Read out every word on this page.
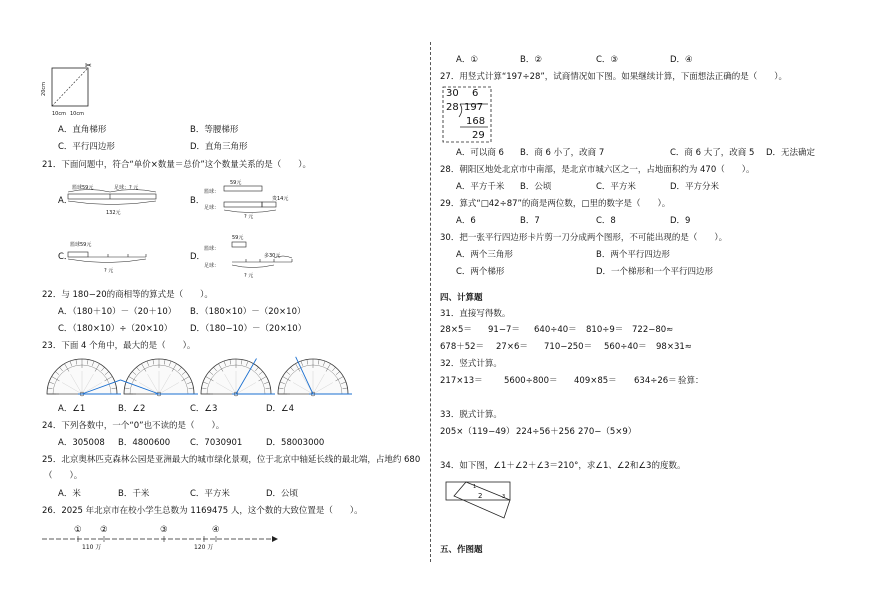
✂
20cm
10cm 10cm
A．直角梯形	B．等腰梯形
C．平行四边形	D．直角三角形
21．下面问题中，符合“单价×数量＝总价”这个数量关系的是（　　）。
A．
篮球59元	足球：? 元
132元
B．
59元
篮球：
贵14元
足球：
? 元
C．
篮球59元
? 元
D．
59元
篮球：
多30元
足球：
? 元
22．与 180−20的商相等的算式是（　　）。
A．（180＋10）－（20＋10） B．（180×10）－（20×10）
C．（180×10）÷（20×10） D．（180−10）－（20×10）
23．下面 4 个角中，最大的是（　　）。
A．∠1	B．∠2	C．∠3	D．∠4
24．下列各数中，一个“0”也不读的是（　　）。
A．305008 B．4800600 C．7030901	D．58003000
25．北京奥林匹克森林公园是亚洲最大的城市绿化景观，位于北京中轴延长线的最北端，占地约 680
（　　）。
A．米	B．千米	C．平方米	D．公顷
26．2025 年北京市在校小学生总数为 1169475 人，这个数的大致位置是（　　）。
① ②	③	④
110 万	120 万
A．①	B．②	C．③	D．④
27．用竖式计算“197÷28”，试商情况如下图。如果继续计算，下面想法正确的是（　　）。
30 6
28 197
168
29
A．可以商 6 B．商 6 小了，改商 7	C．商 6 大了，改商 5 D．无法确定
28．朝阳区地处北京市中南部，是北京市城六区之一，占地面积约为 470（　　）。
A．平方千米 B．公顷	C．平方米	D．平方分米
29．算式“□42÷87”的商是两位数，□里的数字是（　　）。
A．6	B．7	C．8	D．9
30．把一张平行四边形卡片剪一刀分成两个图形，不可能出现的是（　　）。
A．两个三角形	B．两个平行四边形
C．两个梯形	D．一个梯形和一个平行四边形
四、计算题
31．直接写得数。
28×5＝ 91−7＝ 640÷40＝ 810÷9＝ 722−80≈
678＋52＝ 27×6＝ 710−250＝ 560÷40＝ 98×31≈
32．竖式计算。
217×13＝	5600÷800＝ 409×85＝ 634÷26＝ 验算：
33．脱式计算。
205×（119−49） 224÷56＋256 270−（5×9）
34．如下图，∠1＋∠2＋∠3＝210°，求∠1、∠2和∠3的度数。
1
2	3
五、作图题
